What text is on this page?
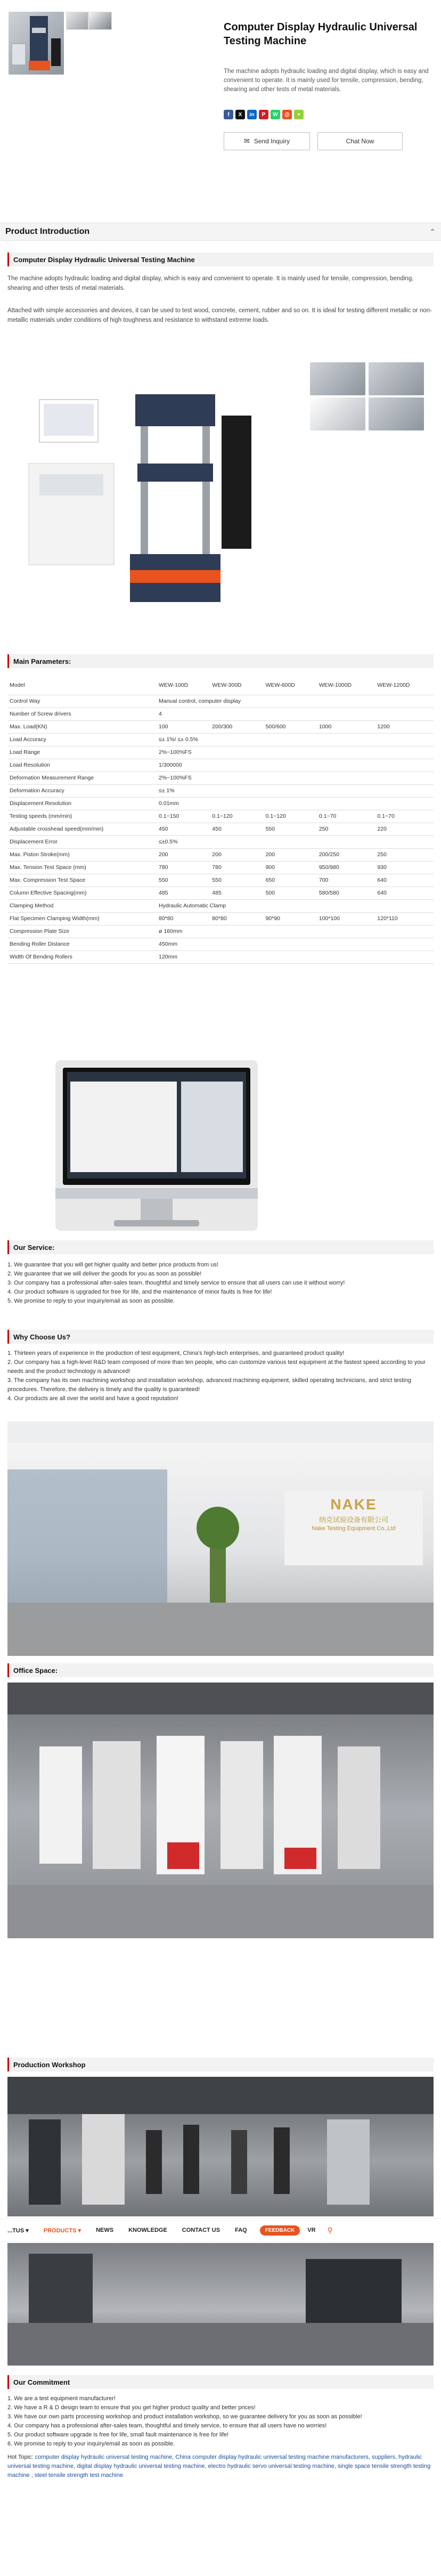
Computer Display Hydraulic Universal Testing Machine
The machine adopts hydraulic loading and digital display, which is easy and convenient to operate. It is mainly used for tensile, compression, bending, shearing and other tests of metal materials.
f	X	in	P	W	@	+
✉ Send Inquiry	Chat Now
Product Introduction	⌃
Computer Display Hydraulic Universal Testing Machine
The machine adopts hydraulic loading and digital display, which is easy and convenient to operate. It is mainly used for tensile, compression, bending, shearing and other tests of metal materials.
Attached with simple accessories and devices, it can be used to test wood, concrete, cement, rubber and so on. It is ideal for testing different metallic or non-metallic materials under conditions of high toughness and resistance to withstand extreme loads.
Main Parameters:
Model	WEW-100D	WEW-300D	WEW-600D	WEW-1000D	WEW-1200D
Control Way	Manual control, computer display				
Number of Screw drivers	4				
Max. Load(KN)	100	200/300	500/600	1000	1200
Load Accuracy	≤± 1%/ ≤± 0.5%				
Load Range	2%~100%FS				
Load Resolution	1/300000				
Deformation Measurement Range	2%~100%FS				
Deformation Accuracy	≤± 1%				
Displacement Resolution	0.01mm				
Testing speeds (mm/min)	0.1~150	0.1~120	0.1~120	0.1~70	0.1~70
Adjustable crosshead speed(mm/min)	450	450	550	250	220
Displacement Error	≤±0.5%				
Max. Piston Stroke(mm)	200	200	200	200/250	250
Max. Tension Test Space (mm)	780	780	900	950/980	930
Max. Compression Test Space	550	550	650	700	640
Column Effective Spacing(mm)	485	485	500	580/580	640
Clamping Method	Hydraulic Automatic Clamp				
Flat Specimen Clamping Width(mm)	80*80	80*80	90*90	100*100	120*110
Compression Plate Size	ø 160mm				
Bending Roller Distance	450mm				
Width Of Bending Rollers	120mm				
Our Service:
1. We guarantee that you will get higher quality and better price products from us!
2. We guarantee that we will deliver the goods for you as soon as possible!
3. Our company has a professional after-sales team, thoughtful and timely service to ensure that all users can use it without worry!
4. Our product software is upgraded for free for life, and the maintenance of minor faults is free for life!
5. We promise to reply to your inquiry/email as soon as possible.
Why Choose Us?
1. Thirteen years of experience in the production of test equipment, China's high-tech enterprises, and guaranteed product quality!
2. Our company has a high-level R&D team composed of more than ten people, who can customize various test equipment at the fastest speed according to your needs and the product technology is advanced!
3. The company has its own machining workshop and installation workshop, advanced machining equipment, skilled operating technicians, and strict testing procedures. Therefore, the delivery is timely and the quality is guaranteed!
4. Our products are all over the world and have a good reputation!
NAKE
纳克试验设备有限公司
Nake Testing Equipment Co.,Ltd
Office Space:
Production Workshop
...TUS ▾	PRODUCTS ▾	NEWS	KNOWLEDGE	CONTACT US	FAQ	FEEDBACK	VR	⚲
Our Commitment
1. We are a test equipment manufacturer!
2. We have a R & D design team to ensure that you get higher product quality and better prices!
3. We have our own parts processing workshop and product installation workshop, so we guarantee delivery for you as soon as possible!
4. Our company has a professional after-sales team, thoughtful and timely service, to ensure that all users have no worries!
5. Our product software upgrade is free for life, small fault maintenance is free for life!
6. We promise to reply to your inquiry/email as soon as possible.
Hot Topic: computer display hydraulic universal testing machine, China computer display hydraulic universal testing machine manufacturers, suppliers, hydraulic universal testing machine, digital display hydraulic universal testing machine, electro hydraulic servo universal testing machine, single space tensile strength testing machine , steel tensile strength test machine
